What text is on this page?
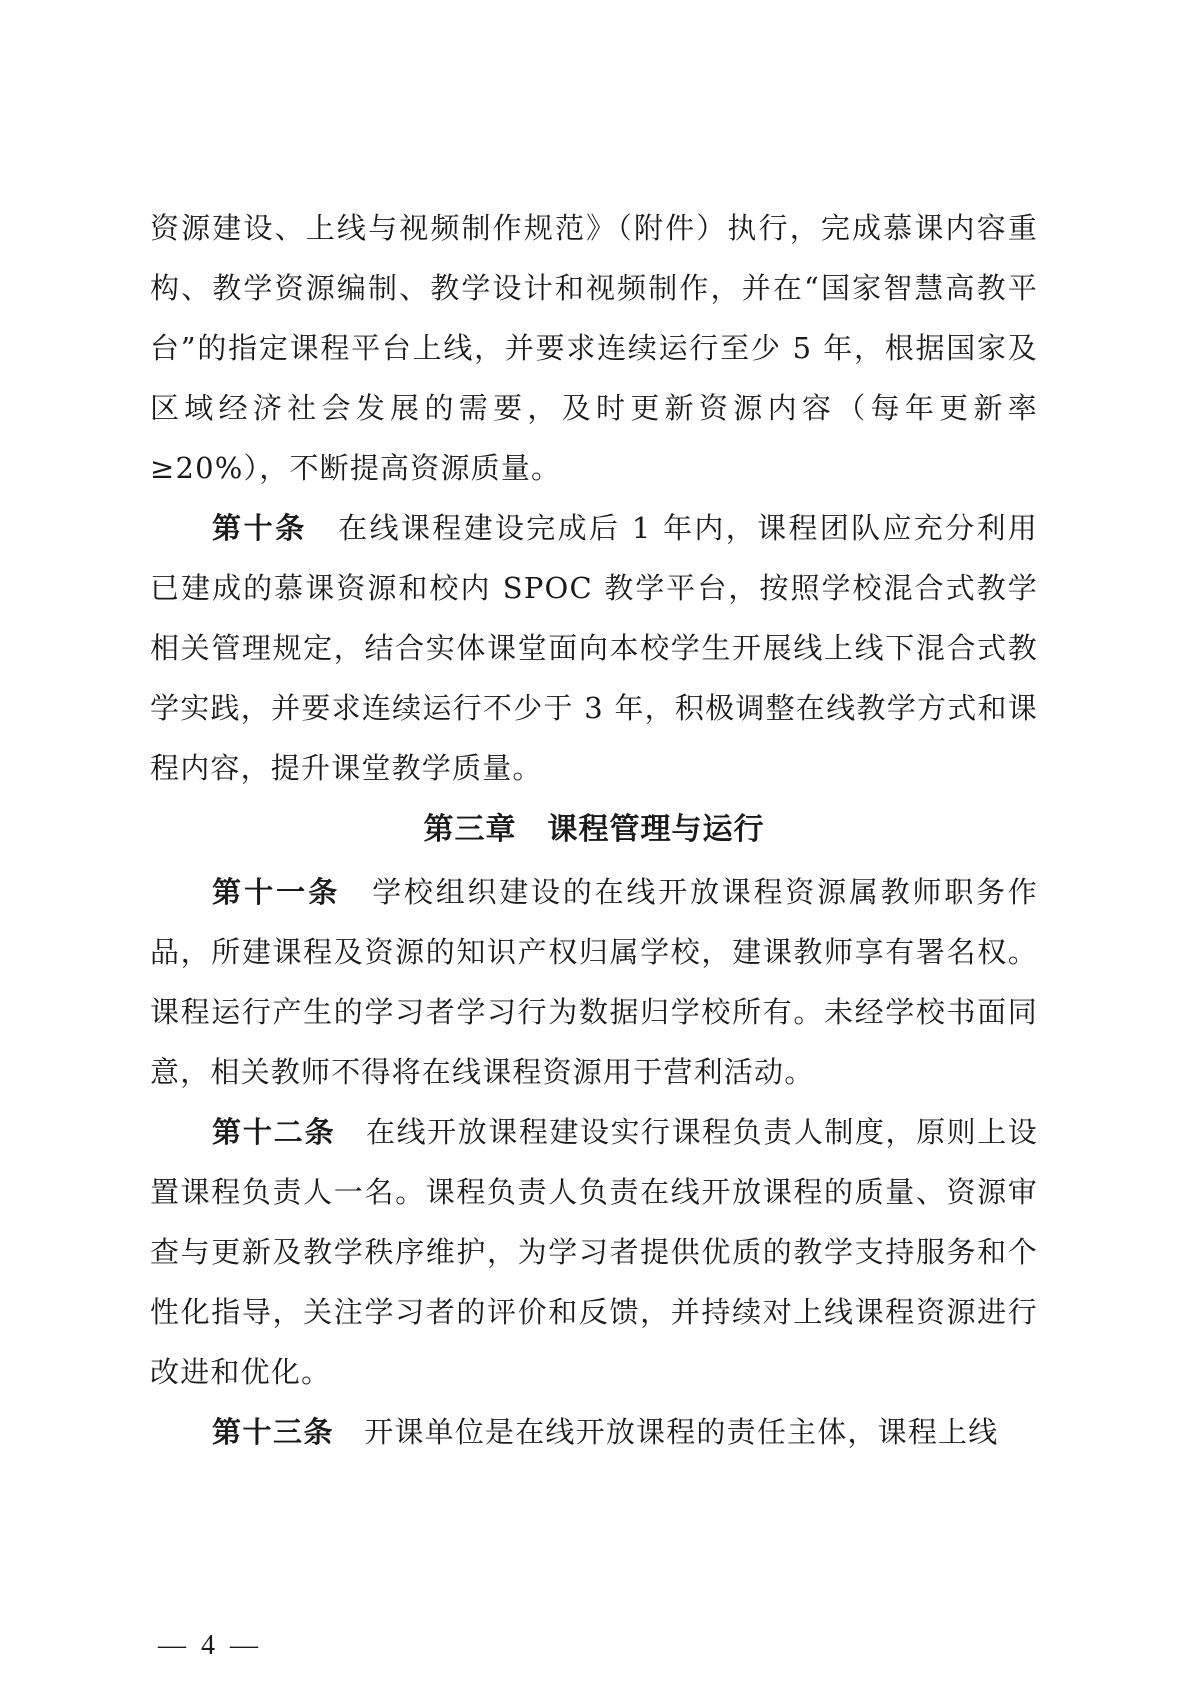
资源建设、上线与视频制作规范》（附件）执行，完成慕课内容重构、教学资源编制、教学设计和视频制作，并在“国家智慧高教平台”的指定课程平台上线，并要求连续运行至少 5 年，根据国家及区域经济社会发展的需要，及时更新资源内容（每年更新率≥20%），不断提高资源质量。

第十条  在线课程建设完成后 1 年内，课程团队应充分利用已建成的慕课资源和校内 SPOC 教学平台，按照学校混合式教学相关管理规定，结合实体课堂面向本校学生开展线上线下混合式教学实践，并要求连续运行不少于 3 年，积极调整在线教学方式和课程内容，提升课堂教学质量。

第三章　课程管理与运行

第十一条  学校组织建设的在线开放课程资源属教师职务作品，所建课程及资源的知识产权归属学校，建课教师享有署名权。课程运行产生的学习者学习行为数据归学校所有。未经学校书面同意，相关教师不得将在线课程资源用于营利活动。

第十二条  在线开放课程建设实行课程负责人制度，原则上设置课程负责人一名。课程负责人负责在线开放课程的质量、资源审查与更新及教学秩序维护，为学习者提供优质的教学支持服务和个性化指导，关注学习者的评价和反馈，并持续对上线课程资源进行改进和优化。

第十三条  开课单位是在线开放课程的责任主体，课程上线

— 4 —
